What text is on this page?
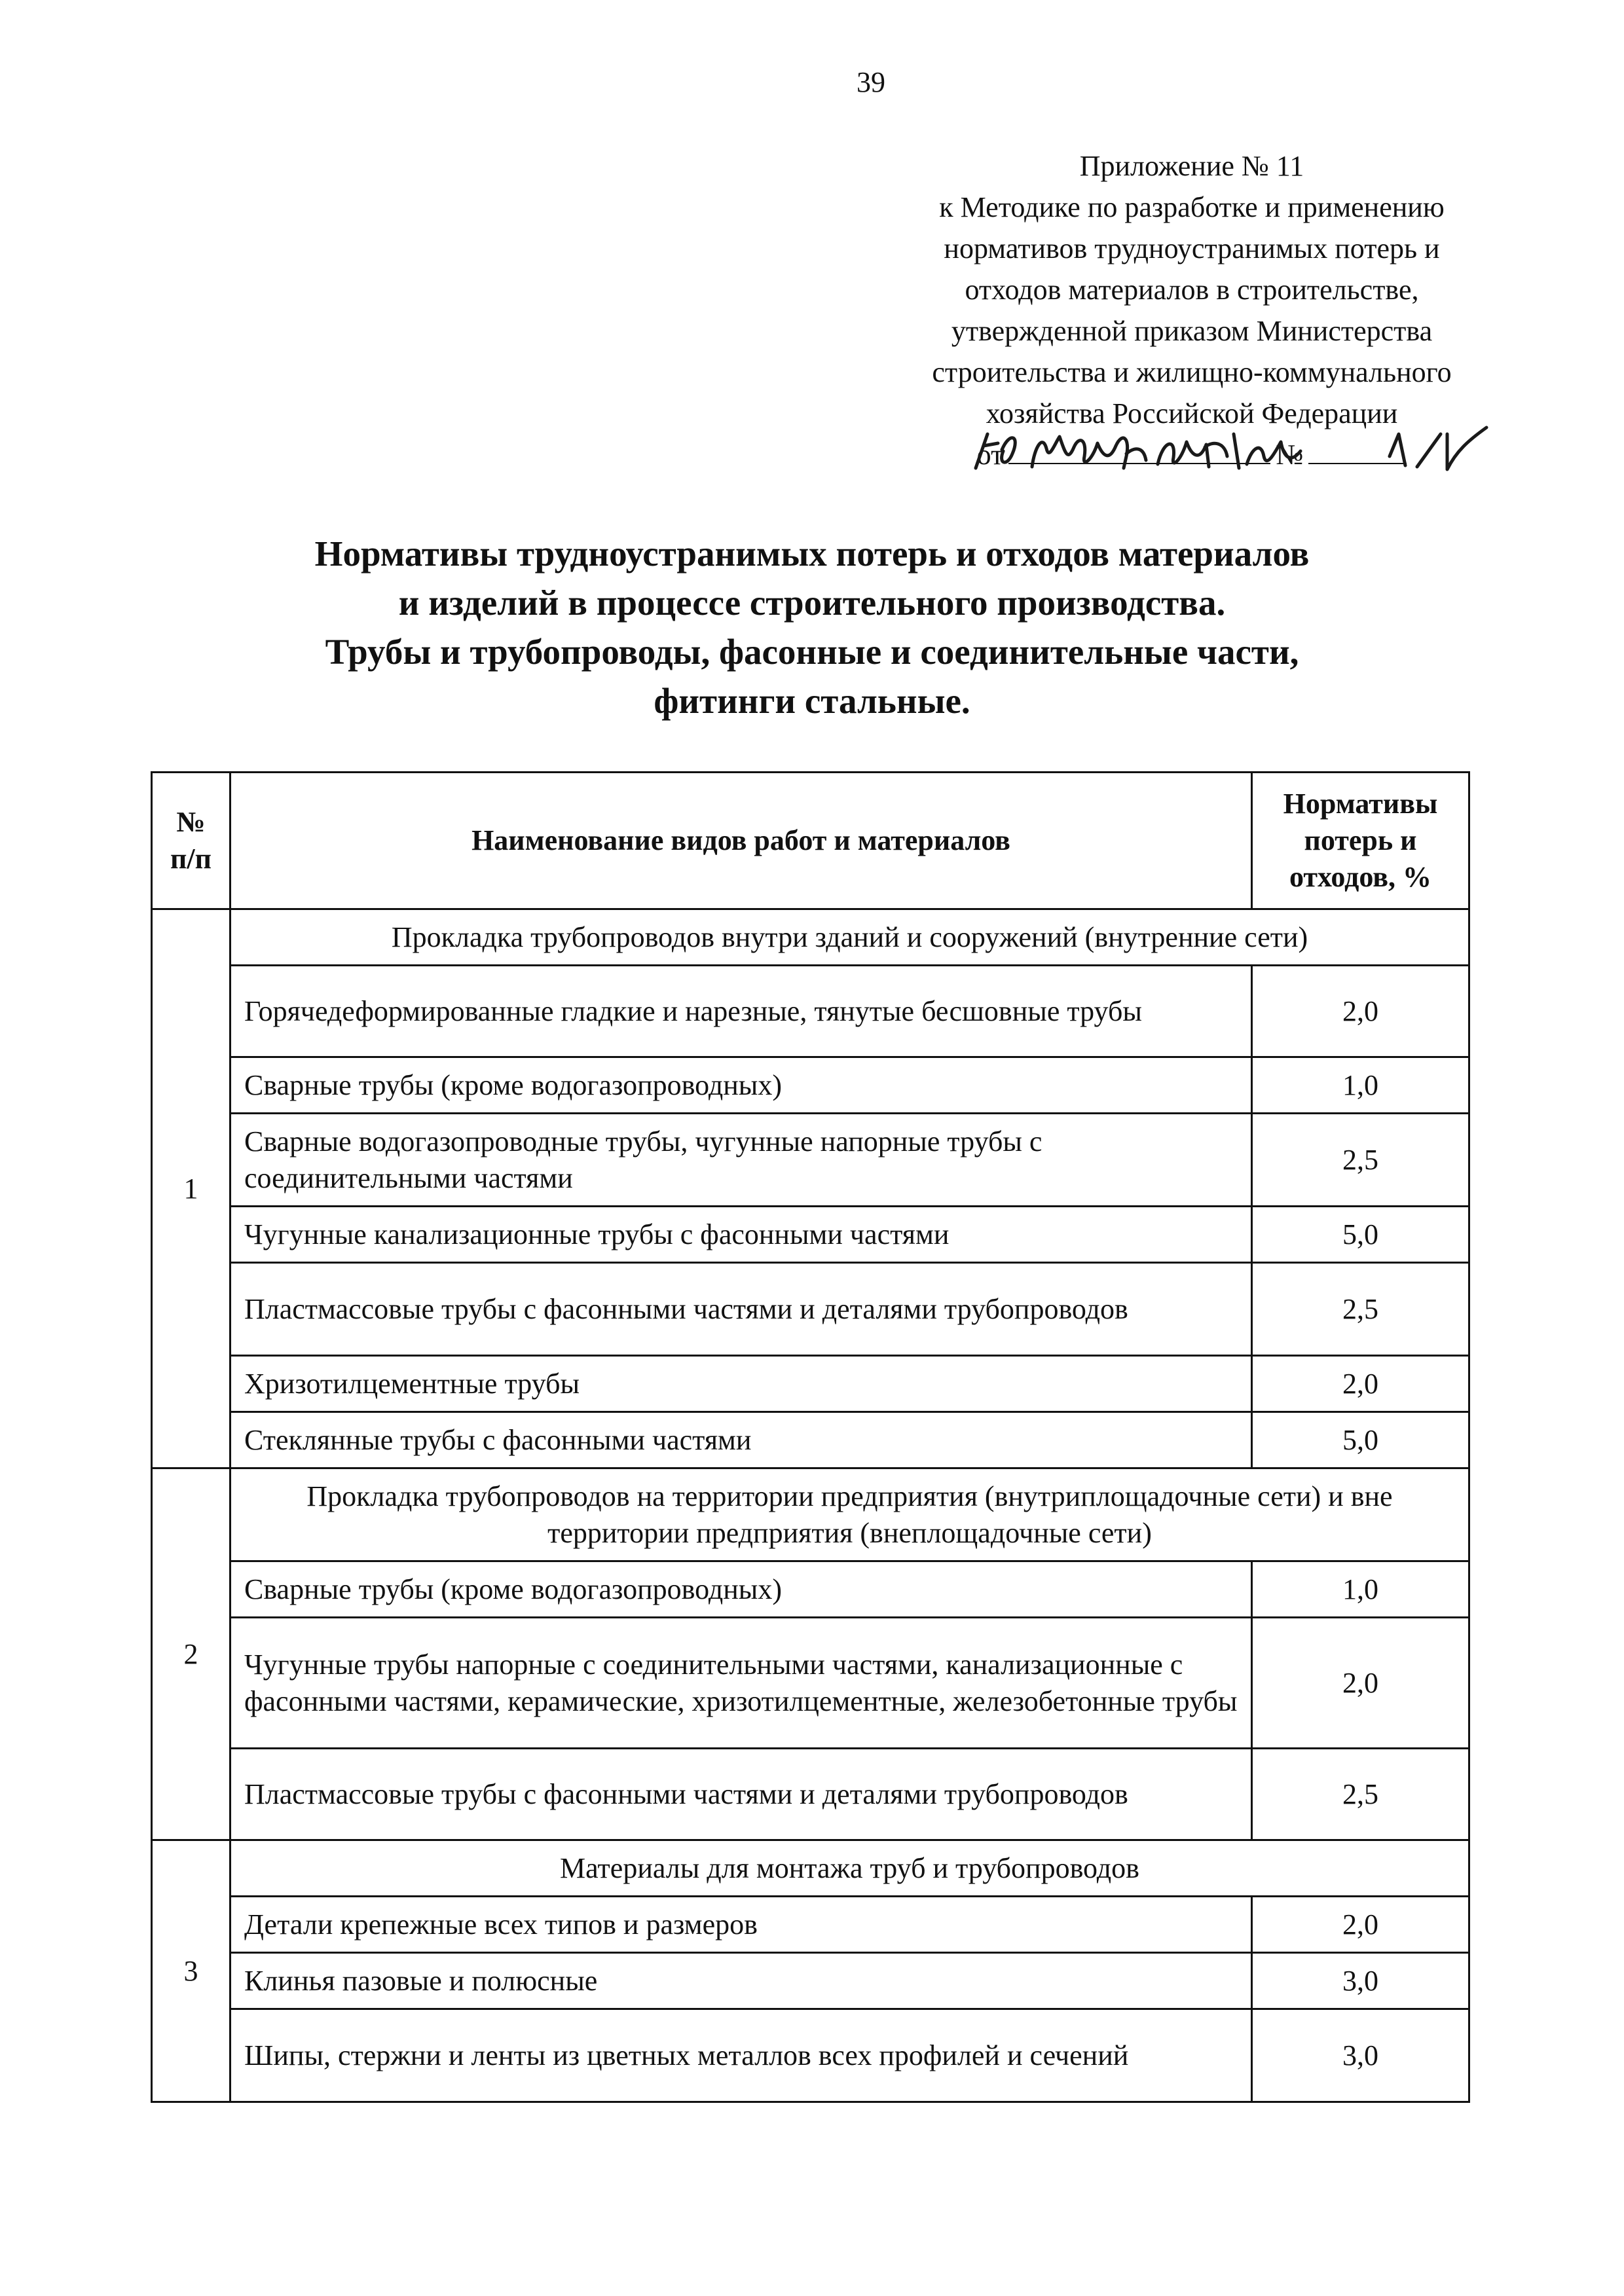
39
Приложение № 11
к Методике по разработке и применению
нормативов трудноустранимых потерь и
отходов материалов в строительстве,
утвержденной приказом Министерства
строительства и жилищно-коммунального
хозяйства Российской Федерации
от	№
Нормативы трудноустранимых потерь и отходов материалов
и изделий в процессе строительного производства.
Трубы и трубопроводы, фасонные и соединительные части,
фитинги стальные.
№ п/п	Наименование видов работ и материалов	Нормативы потерь и отходов, %
1	Прокладка трубопроводов внутри зданий и сооружений (внутренние сети)	
	Горячедеформированные гладкие и нарезные, тянутые бесшовные трубы	2,0
	Сварные трубы (кроме водогазопроводных)	1,0
	Сварные водогазопроводные трубы, чугунные напорные трубы с соединительными частями	2,5
	Чугунные канализационные трубы с фасонными частями	5,0
	Пластмассовые трубы с фасонными частями и деталями трубопроводов	2,5
	Хризотилцементные трубы	2,0
	Стеклянные трубы с фасонными частями	5,0
2	Прокладка трубопроводов на территории предприятия (внутриплощадочные сети) и вне территории предприятия (внеплощадочные сети)	
	Сварные трубы (кроме водогазопроводных)	1,0
	Чугунные трубы напорные с соединительными частями, канализационные с фасонными частями, керамические, хризотилцементные, железобетонные трубы	2,0
	Пластмассовые трубы с фасонными частями и деталями трубопроводов	2,5
3	Материалы для монтажа труб и трубопроводов	
	Детали крепежные всех типов и размеров	2,0
	Клинья пазовые и полюсные	3,0
	Шипы, стержни и ленты из цветных металлов всех профилей и сечений	3,0
